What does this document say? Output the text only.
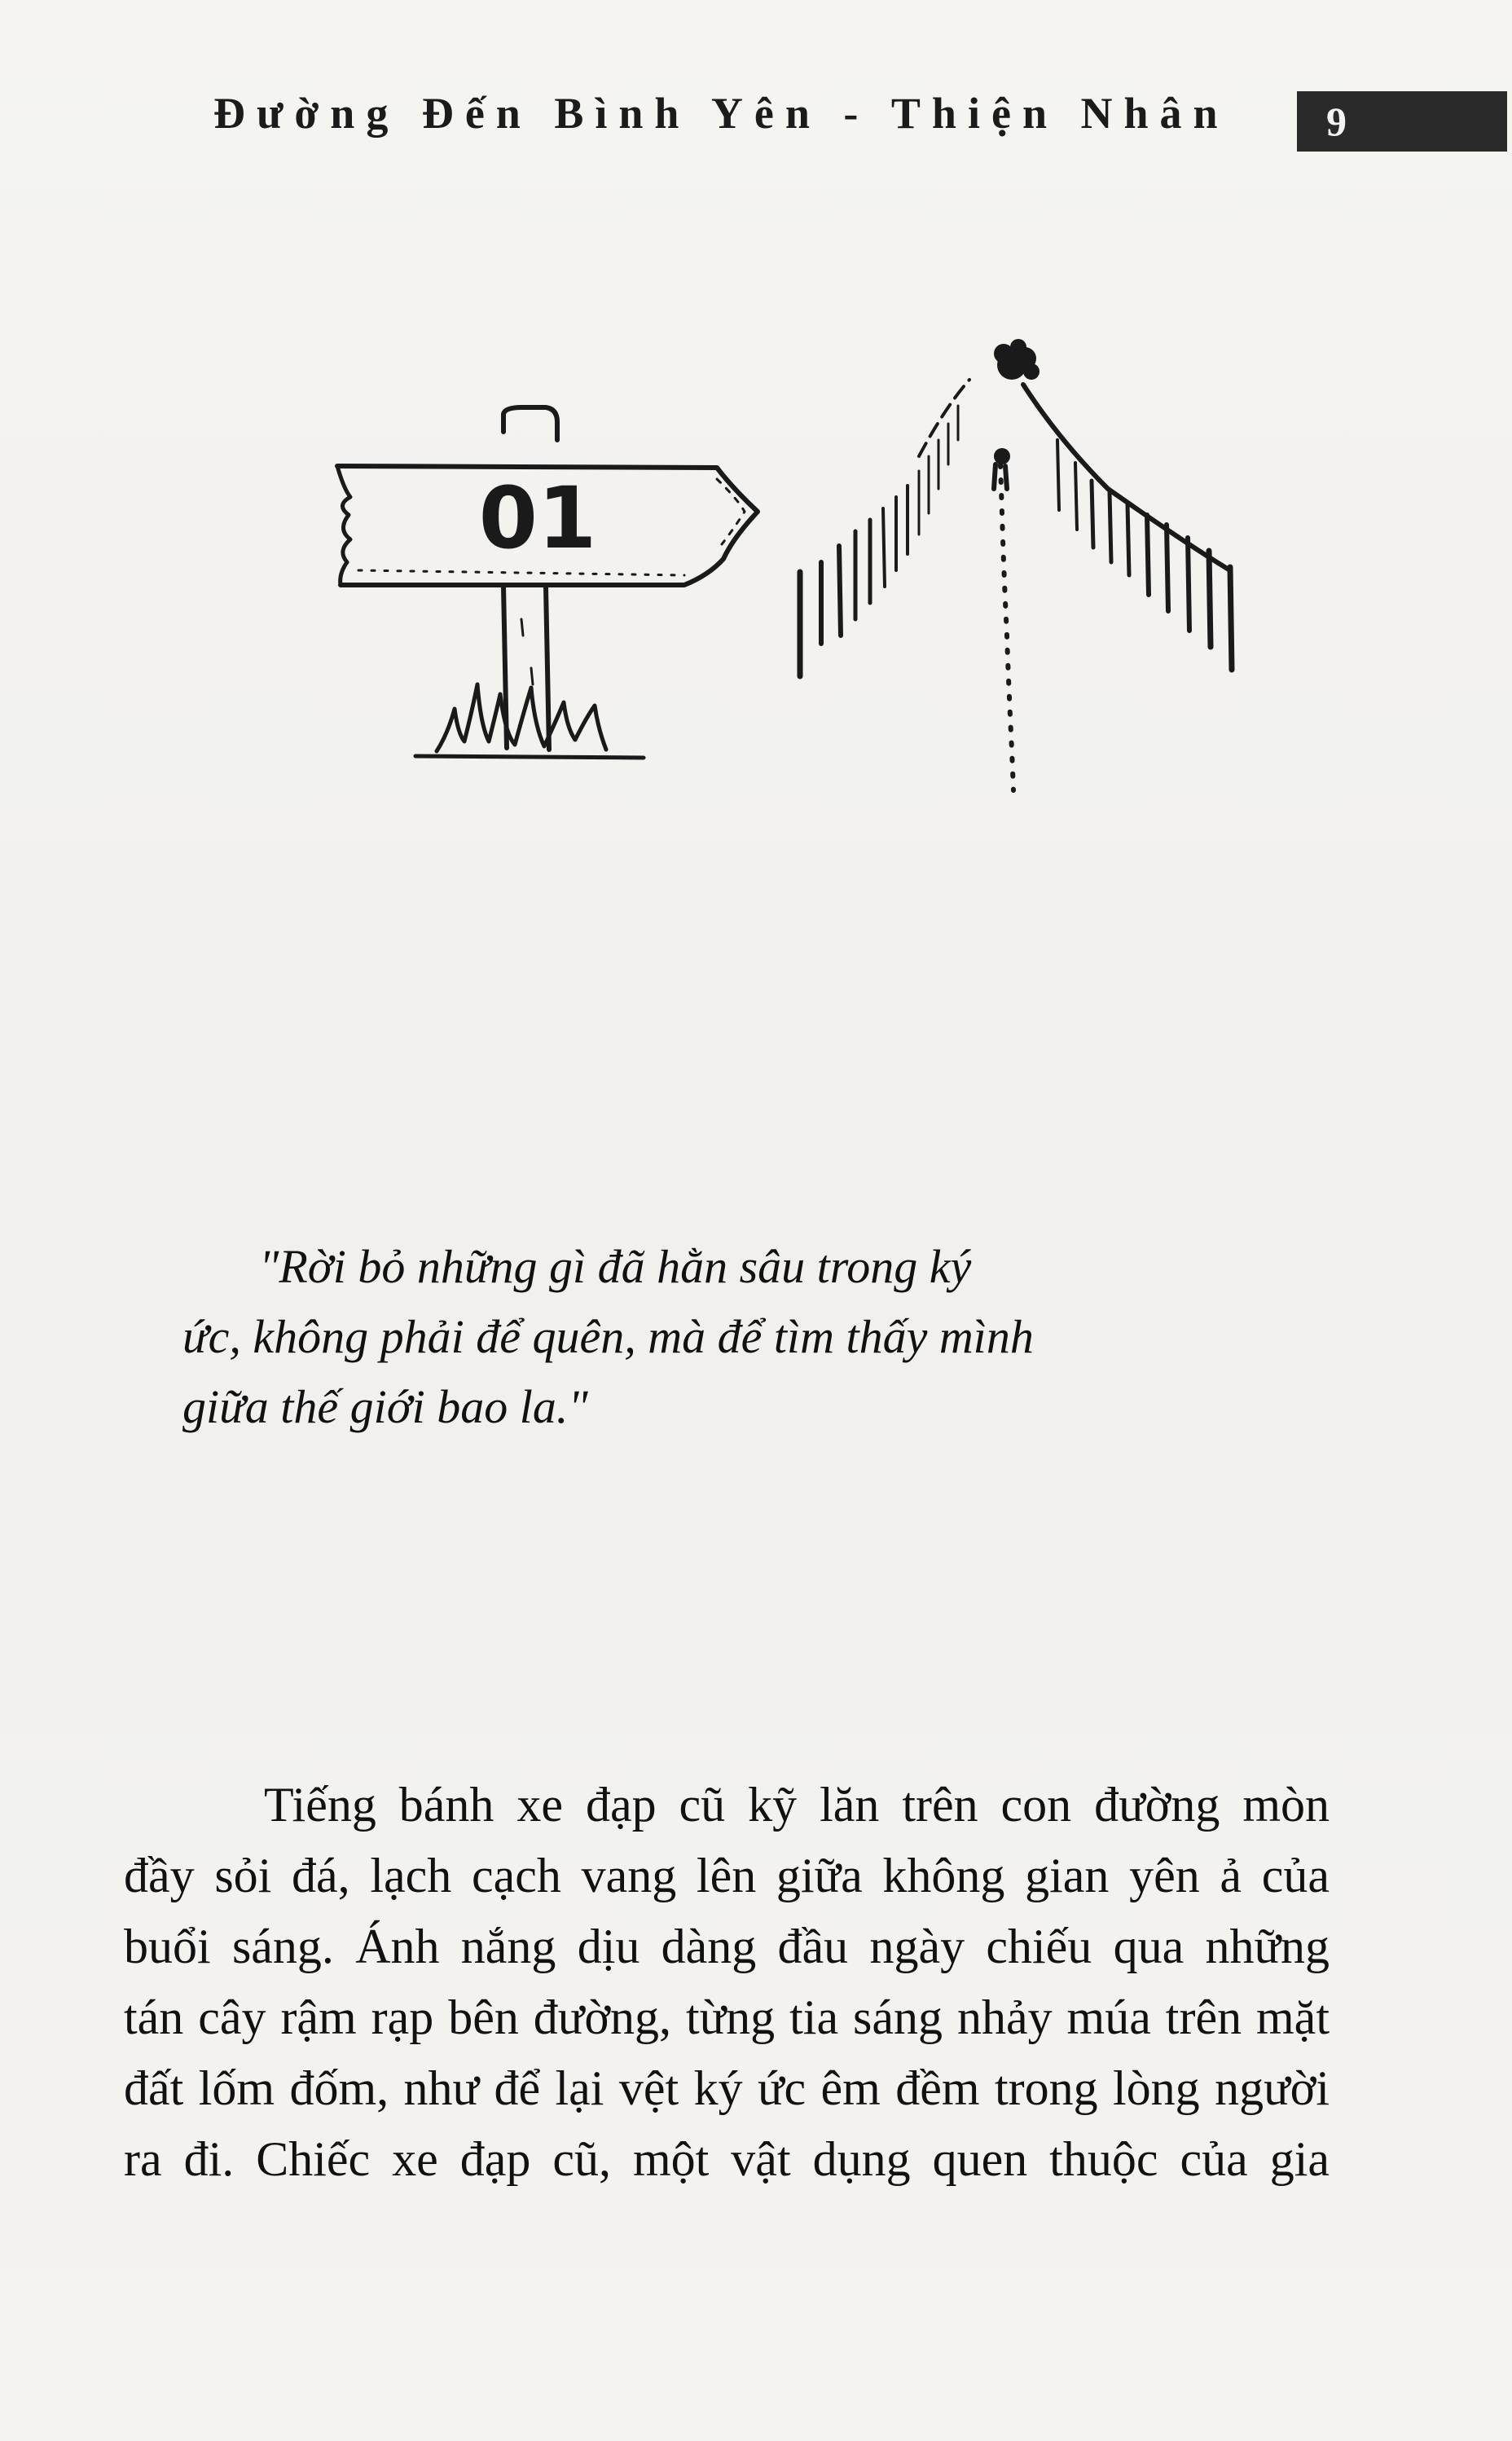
Đường Đến Bình Yên - Thiện Nhân	9
01

"Rời bỏ những gì đã hằn sâu trong ký

ức, không phải để quên, mà để tìm thấy mình

giữa thế giới bao la."

Tiếng bánh xe đạp cũ kỹ lăn trên con đường mòn

đầy sỏi đá, lạch cạch vang lên giữa không gian yên ả của

buổi sáng. Ánh nắng dịu dàng đầu ngày chiếu qua những

tán cây rậm rạp bên đường, từng tia sáng nhảy múa trên mặt

đất lốm đốm, như để lại vệt ký ức êm đềm trong lòng người

ra đi. Chiếc xe đạp cũ, một vật dụng quen thuộc của gia
